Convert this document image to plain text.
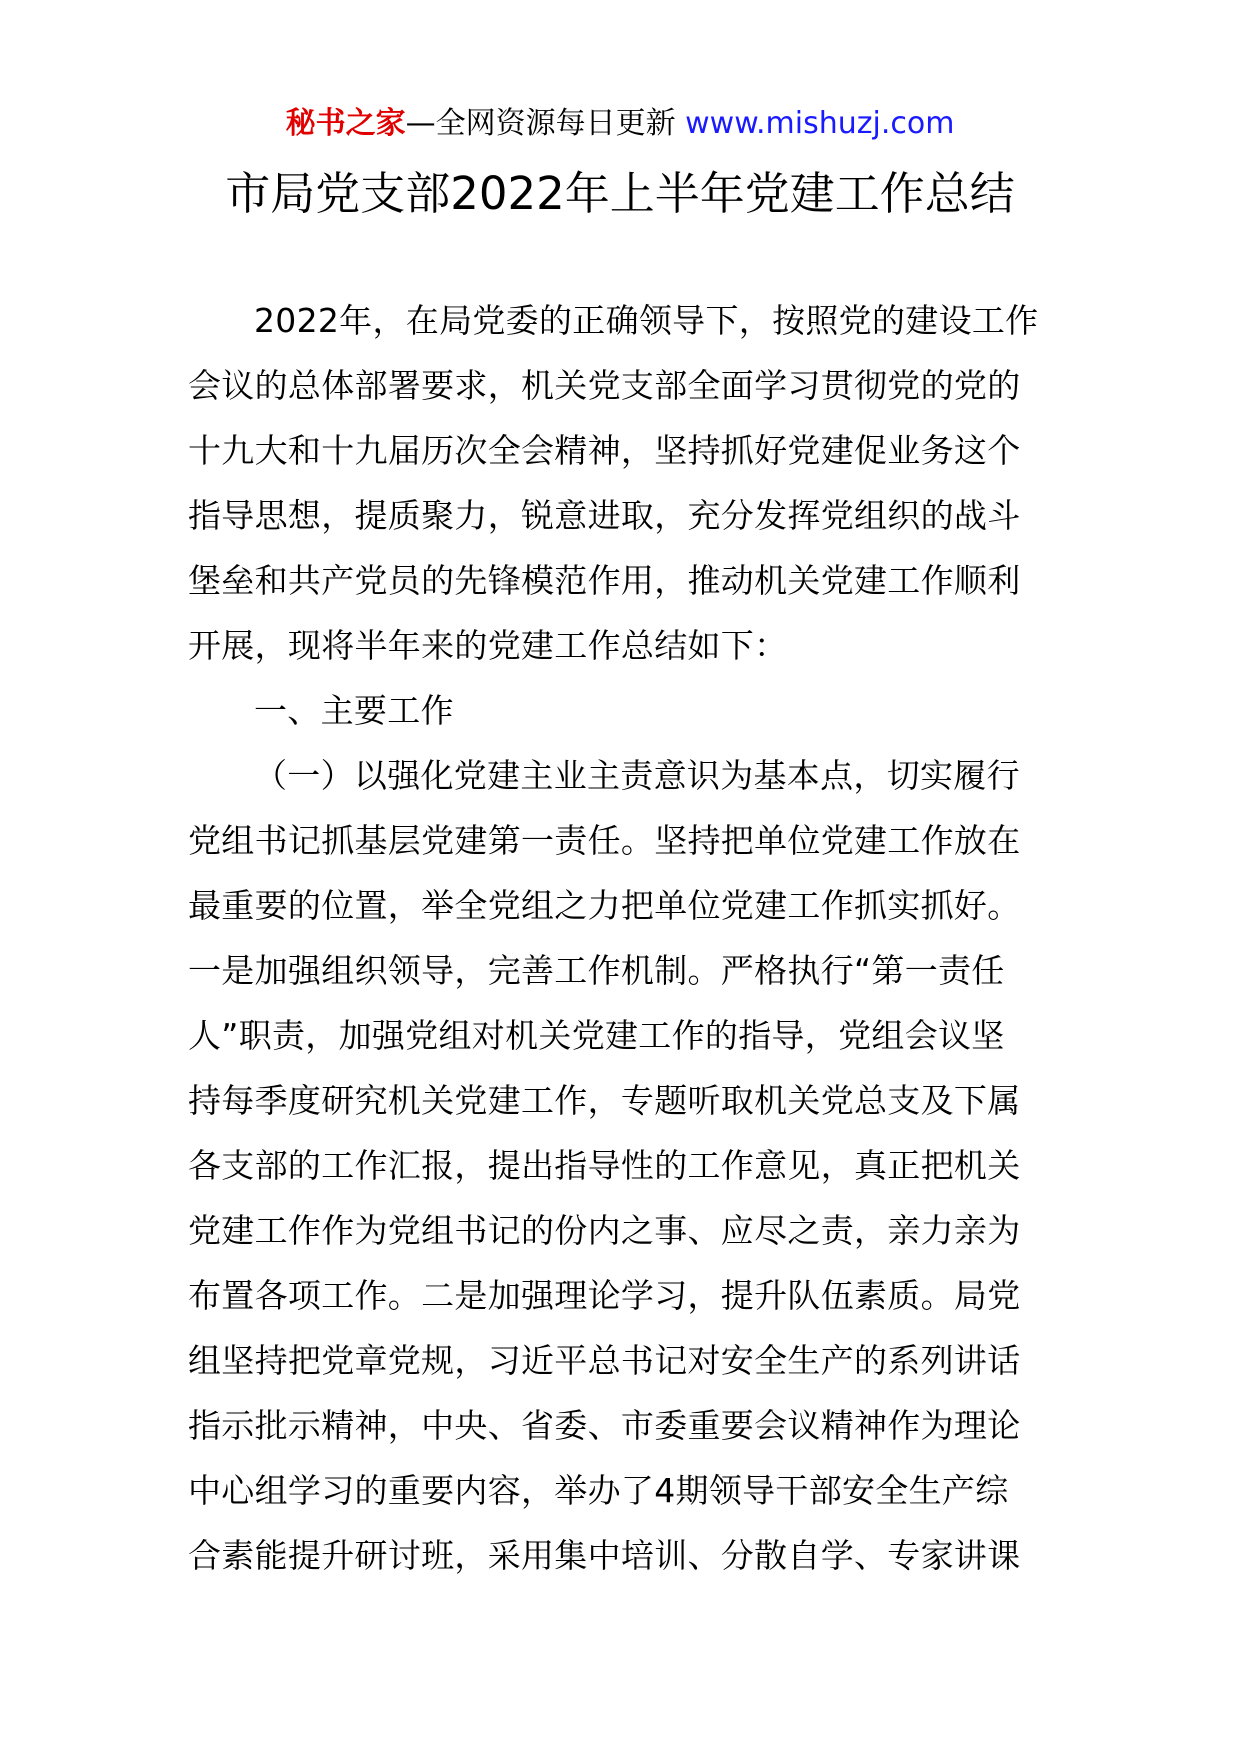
秘书之家—全网资源每日更新 www.mishuzj.com
市局党支部2022年上半年党建工作总结

2022年，在局党委的正确领导下，按照党的建设工作

会议的总体部署要求，机关党支部全面学习贯彻党的党的

十九大和十九届历次全会精神，坚持抓好党建促业务这个

指导思想，提质聚力，锐意进取，充分发挥党组织的战斗

堡垒和共产党员的先锋模范作用，推动机关党建工作顺利

开展，现将半年来的党建工作总结如下：

一、主要工作

（一）以强化党建主业主责意识为基本点，切实履行

党组书记抓基层党建第一责任。坚持把单位党建工作放在

最重要的位置，举全党组之力把单位党建工作抓实抓好。

一是加强组织领导，完善工作机制。严格执行“第一责任

人”职责，加强党组对机关党建工作的指导，党组会议坚

持每季度研究机关党建工作，专题听取机关党总支及下属

各支部的工作汇报，提出指导性的工作意见，真正把机关

党建工作作为党组书记的份内之事、应尽之责，亲力亲为

布置各项工作。二是加强理论学习，提升队伍素质。局党

组坚持把党章党规，习近平总书记对安全生产的系列讲话

指示批示精神，中央、省委、市委重要会议精神作为理论

中心组学习的重要内容，举办了4期领导干部安全生产综

合素能提升研讨班，采用集中培训、分散自学、专家讲课
